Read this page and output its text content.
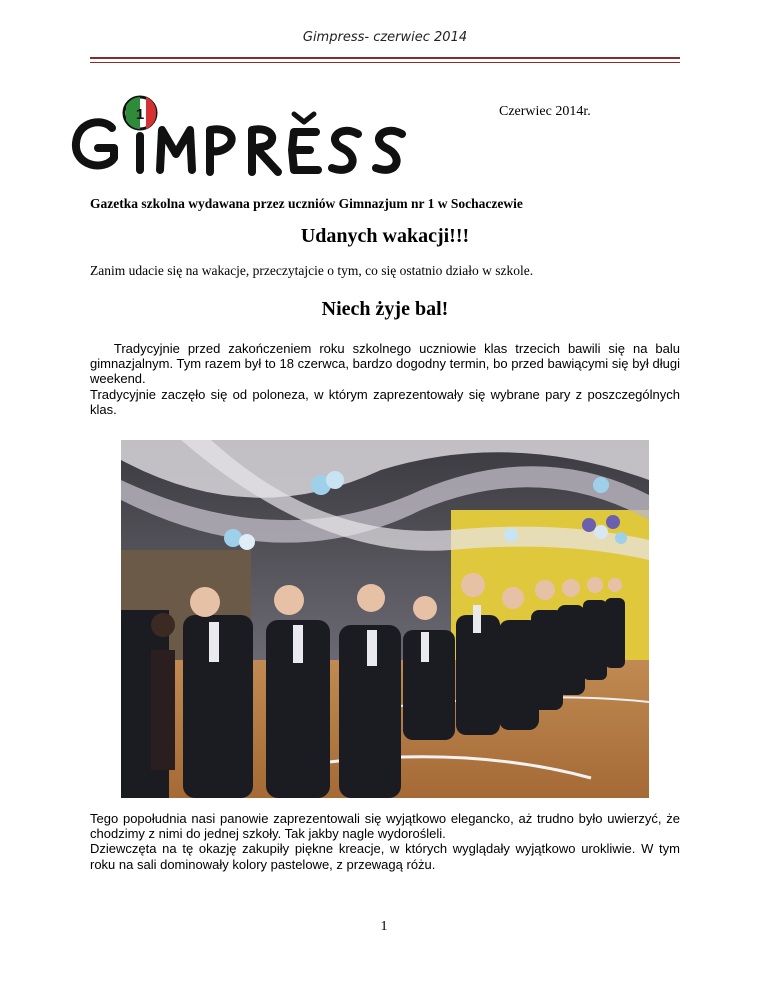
Gimpress- czerwiec 2014
1	Czerwiec 2014r.
Gazetka szkolna wydawana przez uczniów Gimnazjum nr 1 w Sochaczewie
Udanych wakacji!!!
Zanim udacie się na wakacje, przeczytajcie o tym, co się ostatnio działo w szkole.
Niech żyje bal!

Tradycyjnie przed zakończeniem roku szkolnego uczniowie klas trzecich bawili się na balu gimnazjalnym. Tym razem był to 18 czerwca, bardzo dogodny termin, bo przed bawiącymi się był długi weekend.

Tradycyjnie zaczęło się od poloneza, w którym zaprezentowały się wybrane pary z poszczególnych klas.

Tego popołudnia nasi panowie zaprezentowali się wyjątkowo elegancko, aż trudno było uwierzyć, że chodzimy z nimi do jednej szkoły. Tak jakby nagle wydorośleli.

Dziewczęta na tę okazję zakupiły piękne kreacje, w których wyglądały wyjątkowo urokliwie. W tym roku na sali dominowały kolory pastelowe, z przewagą różu.

1
